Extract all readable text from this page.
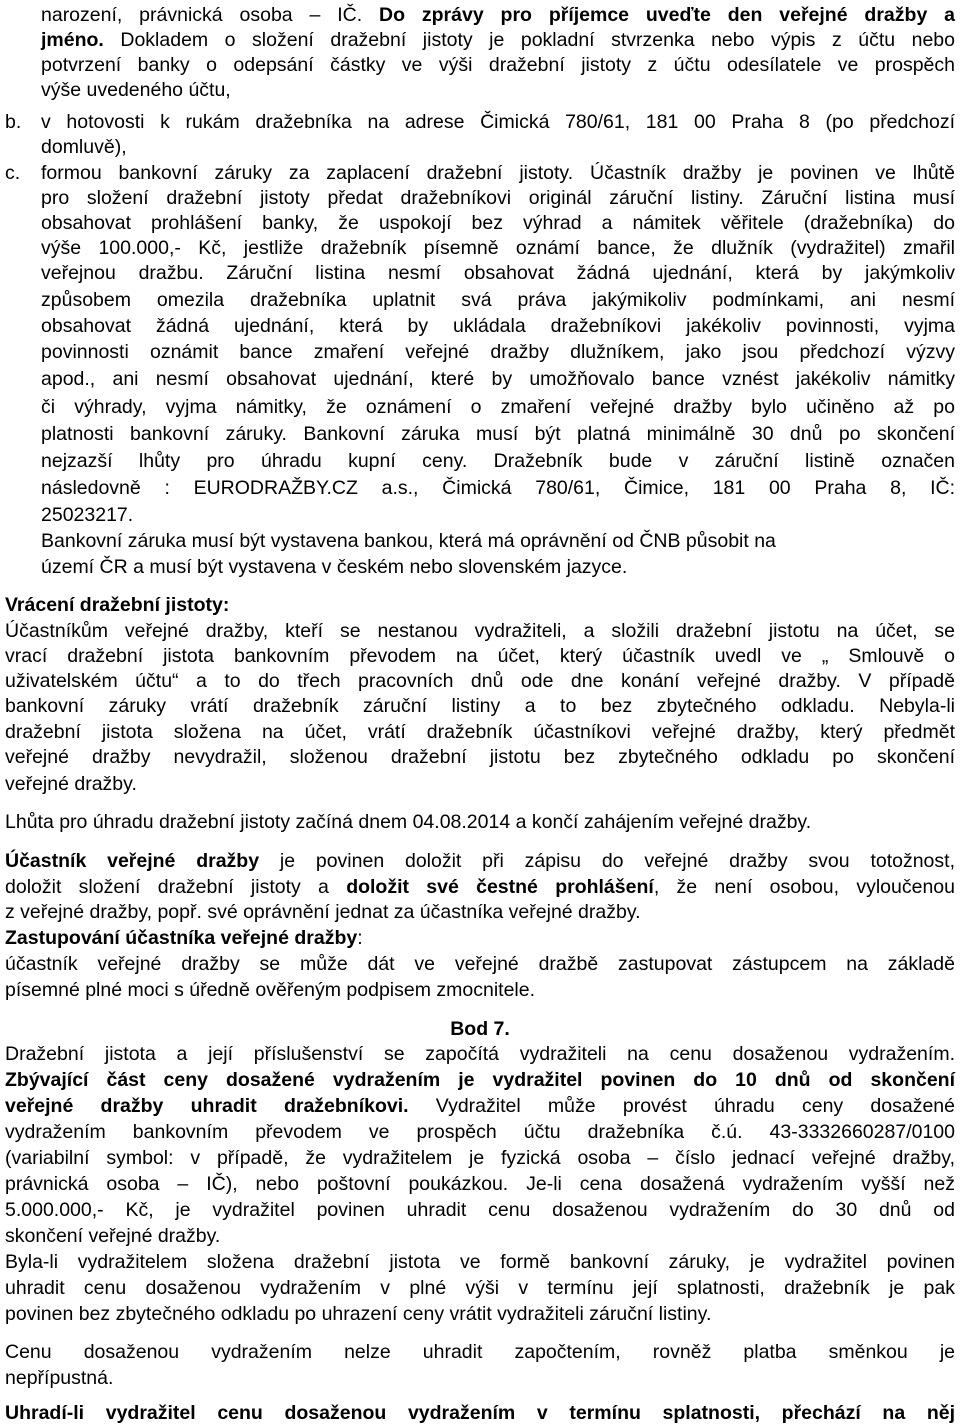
narození, právnická osoba – IČ. Do zprávy pro příjemce uveďte den veřejné dražby a
jméno. Dokladem o složení dražební jistoty je pokladní stvrzenka nebo výpis z účtu nebo
potvrzení banky o odepsání částky ve výši dražební jistoty z účtu odesílatele ve prospěch
výše uvedeného účtu,
b.	v hotovosti k rukám dražebníka na adrese Čimická 780/61, 181 00 Praha 8 (po předchozí
domluvě),
c.	formou bankovní záruky za zaplacení dražební jistoty. Účastník dražby je povinen ve lhůtě
pro složení dražební jistoty předat dražebníkovi originál záruční listiny. Záruční listina musí
obsahovat prohlášení banky, že uspokojí bez výhrad a námitek věřitele (dražebníka) do
výše 100.000,- Kč, jestliže dražebník písemně oznámí bance, že dlužník (vydražitel) zmařil
veřejnou dražbu. Záruční listina nesmí obsahovat žádná ujednání, která by jakýmkoliv
způsobem omezila dražebníka uplatnit svá práva jakýmikoliv podmínkami, ani nesmí
obsahovat žádná ujednání, která by ukládala dražebníkovi jakékoliv povinnosti, vyjma
povinnosti oznámit bance zmaření veřejné dražby dlužníkem, jako jsou předchozí výzvy
apod., ani nesmí obsahovat ujednání, které by umožňovalo bance vznést jakékoliv námitky
či výhrady, vyjma námitky, že oznámení o zmaření veřejné dražby bylo učiněno až po
platnosti bankovní záruky. Bankovní záruka musí být platná minimálně 30 dnů po skončení
nejzazší lhůty pro úhradu kupní ceny. Dražebník bude v záruční listině označen
následovně : EURODRAŽBY.CZ a.s., Čimická 780/61, Čimice, 181 00 Praha 8, IČ:
25023217.
Bankovní záruka musí být vystavena bankou, která má oprávnění od ČNB působit na
území ČR a musí být vystavena v českém nebo slovenském jazyce.
Vrácení dražební jistoty:
Účastníkům veřejné dražby, kteří se nestanou vydražiteli, a složili dražební jistotu na účet, se
vrací dražební jistota bankovním převodem na účet, který účastník uvedl ve „ Smlouvě o
uživatelském účtu“ a to do třech pracovních dnů ode dne konání veřejné dražby. V případě
bankovní záruky vrátí dražebník záruční listiny a to bez zbytečného odkladu. Nebyla-li
dražební jistota složena na účet, vrátí dražebník účastníkovi veřejné dražby, který předmět
veřejné dražby nevydražil, složenou dražební jistotu bez zbytečného odkladu po skončení
veřejné dražby.
Lhůta pro úhradu dražební jistoty začíná dnem 04.08.2014 a končí zahájením veřejné dražby.
Účastník veřejné dražby je povinen doložit při zápisu do veřejné dražby svou totožnost,
doložit složení dražební jistoty a doložit své čestné prohlášení, že není osobou, vyloučenou
z veřejné dražby, popř. své oprávnění jednat za účastníka veřejné dražby.
Zastupování účastníka veřejné dražby:
účastník veřejné dražby se může dát ve veřejné dražbě zastupovat zástupcem na základě
písemné plné moci s úředně ověřeným podpisem zmocnitele.
Bod 7.
Dražební jistota a její příslušenství se započítá vydražiteli na cenu dosaženou vydražením.
Zbývající část ceny dosažené vydražením je vydražitel povinen do 10 dnů od skončení
veřejné dražby uhradit dražebníkovi. Vydražitel může provést úhradu ceny dosažené
vydražením bankovním převodem ve prospěch účtu dražebníka č.ú. 43-3332660287/0100
(variabilní symbol: v případě, že vydražitelem je fyzická osoba – číslo jednací veřejné dražby,
právnická osoba – IČ), nebo poštovní poukázkou. Je-li cena dosažená vydražením vyšší než
5.000.000,- Kč, je vydražitel povinen uhradit cenu dosaženou vydražením do 30 dnů od
skončení veřejné dražby.
Byla-li vydražitelem složena dražební jistota ve formě bankovní záruky, je vydražitel povinen
uhradit cenu dosaženou vydražením v plné výši v termínu její splatnosti, dražebník je pak
povinen bez zbytečného odkladu po uhrazení ceny vrátit vydražiteli záruční listiny.
Cenu dosaženou vydražením nelze uhradit započtením, rovněž platba směnkou je
nepřípustná.
Uhradí-li vydražitel cenu dosaženou vydražením v termínu splatnosti, přechází na něj
